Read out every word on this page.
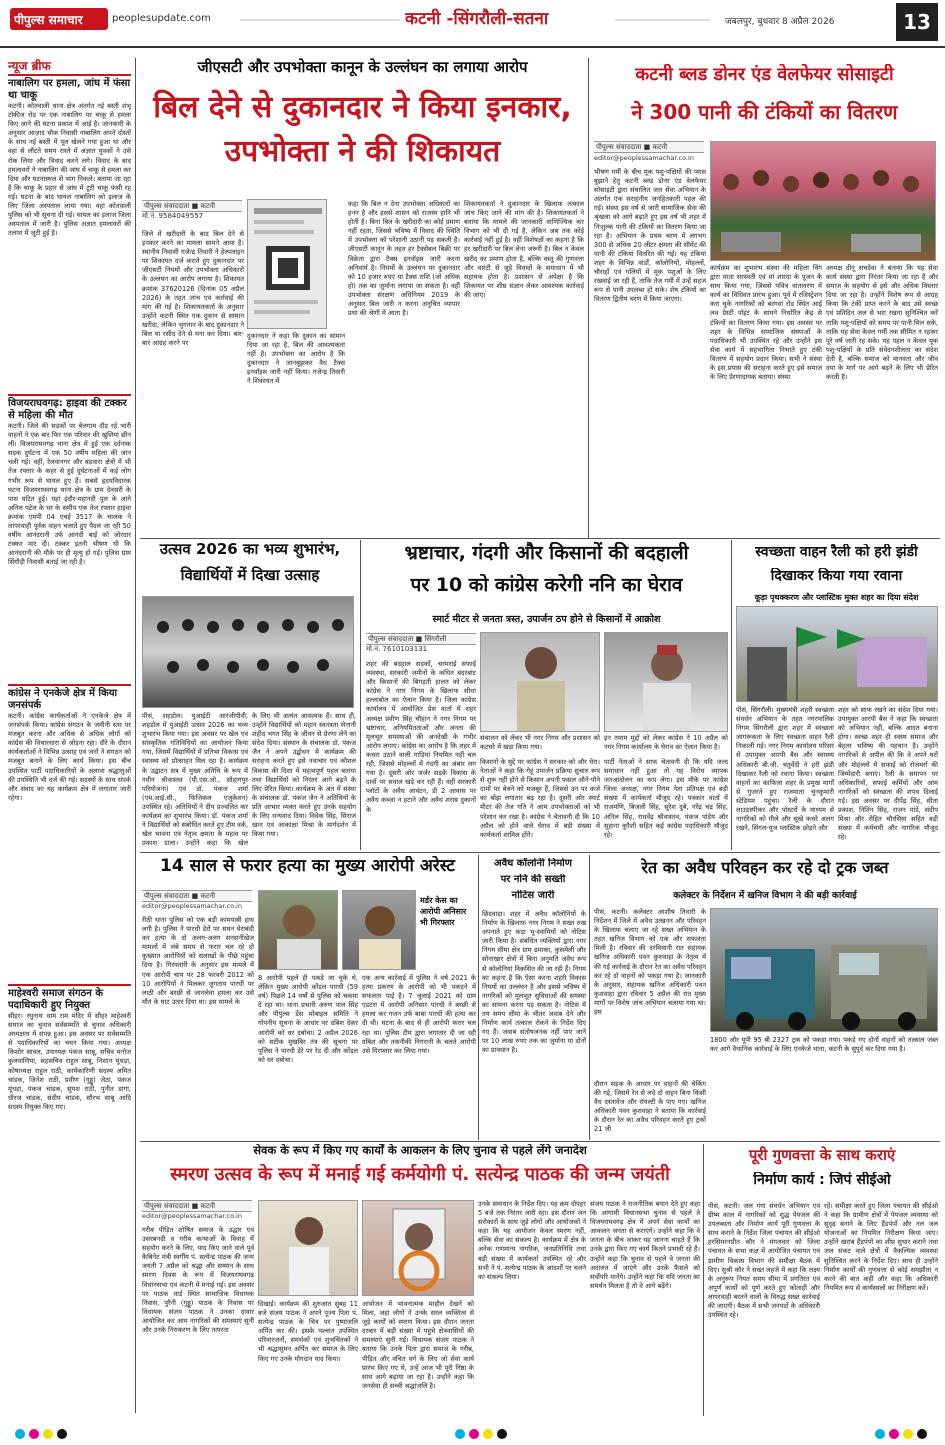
पीपुल्स समाचार	peoplesupdate.com	कटनी -सिंगरौली-सतना	जबलपुर, बुधवार 8 अप्रैल 2026	13
न्यूज ब्रीफ
नाबालिग पर हमला, जांघ में फंसा था चाकू
कटनी। कोतवाली थाना क्षेत्र अंतर्गत नई बस्ती शंभू टॉकीज रोड पर एक नाबालिग पर चाकू से हमला किए जाने की घटना प्रकाश में आई है। जानकारी के अनुसार आज़ाद चौक निवासी नाबालिग अपने दोस्तों के साथ नई बस्ती में पूल खेलने गया हुआ था और वहां से लौटते समय रास्ते में अज्ञात युवकों ने उसे रोक लिया और विवाद करने लगे। विवाद के बाद हमलावरों ने नाबालिग की जांघ में चाकू से हमला कर दिया और घटनास्थल से भाग निकले। बताया जा रहा है कि चाकू के प्रहार से जांघ में टूटी चाकू फंसी रह गई। घटना के बाद घायल नाबालिग को इलाज के लिए जिला अस्पताल लाया गया। वहां कोतवाली पुलिस को भी सूचना दी गई। घायल का इलाज जिला अस्पताल में जारी है। पुलिस अज्ञात हमलावरों की तलाश में जुटी हुई है।
विजयराघवगढ़: हाइवा की टक्कर से महिला की मौत
कटनी। जिले की सड़कों पर बेलगाम दौड़ रहे भारी वाहनों ने एक बार फिर एक परिवार की खुशियां छीन लीं। विजयराघवगढ़ थाना क्षेत्र में हुई एक दर्दनाक सड़क दुर्घटना में एक 50 वर्षीय महिला की जान चली गई। वहीं, रेलवानगर और बड़वारा क्षेत्रों में भी तेज रफ्तार के कहर से हुई दुर्घटनाओं में कई लोग गंभीर रूप से घायल हुए हैं। सबसे हृदयविदारक घटना विजयराघवगढ़ थाना क्षेत्र के ग्राम देवसरी के पास घटित हुई। यहां इंदौर-महानदी पुल के आगे अनिल पटेल के घर के समीप एक तेज रफ्तार हाइवा क्रमांक एमपी 04 एचई 3517 के चालक ने लापरवाही पूर्वक वाहन चलाते हुए पैदल जा रही 50 वर्षीय आनंदरानी उर्फ आनंदी बाई को जोरदार टक्कर मार दी। टक्कर इतनी भीषण थी कि आनंदरानी की मौके पर ही मृत्यु हो गई। पुलिस ग्राम सिंगौड़ी निवासी बताई जा रही है।
कांग्रेस ने एनकेजे क्षेत्र में किया जनसंपर्क
कटनी। कांग्रेस कार्यकर्ताओं ने एनकेजे क्षेत्र में जनसंपर्क किया। कांग्रेस संगठन के जमीनी स्तर पर मजबूत करना और अधिक से अधिक लोगों को कांग्रेस की विचारधारा से जोड़ना रहा। दौरे के दौरान कार्यकर्ताओं ने विभिन्न उत्साह एवं जनों ने संगठन को मजबूत बनाने के लिए कार्य किया। इस बीच उपस्थित पार्टी पदाधिकारियों के अलावा श्रद्धालुओं की उपस्थिति भी दर्ज की गई। सदस्यों के साथ संपर्क और संवाद का यह कार्यक्रम क्षेत्र में लगातार जारी रहेगा।
माहेश्वरी समाज संगठन के पदाधिकारी हुए नियुक्त
सीहर। रघुनाथ धाम राम मंदिर में सीहर माहेश्वरी समाज का चुनाव सर्वसम्मति से चुनाव अधिकारी अध्यक्षता में संपन्न हुआ। इस अवसर पर सर्वसम्मति से पदाधिकारियों का चयन किया गया। अध्यक्ष किशोर सावल, उपाध्यक्ष पंकज साबू, सचिव मनोज कुलवाणिया, सहसचिव राहुल साबू, निशान मूंधड़ा, कोषाध्यक्ष राहुल राठी, कार्यकारिणी सदस्य अमित चांडक, जिनेश राठी, प्रवीण (गुड्डू) जेठा, पंकज मूंधड़ा, पंकज चांडक, सुयश राठी, पुनीत डागा, धीरज चांडक, संदीप चांडक, सौरभ साबू आदि सदस्य नियुक्त किए गए।
जीएसटी और उपभोक्ता कानून के उल्लंघन का लगाया आरोप
बिल देने से दुकानदार ने किया इनकार, उपभोक्ता ने की शिकायत
पीपुल्स संवाददाता ■ कटनी
मो.नं. 9584049557
जिले में खरीदारी के बाद बिल देने से इनकार करने का मामला सामने आया है। स्थानीय निवासी गजेन्द्र तिवारी ने हेल्पलाइन पर शिकायत दर्ज कराते हुए दुकानदार पर जीएसटी नियमों और उपभोक्ता अधिकारों के उल्लंघन का आरोप लगाया है। शिकायत क्रमांक 37620126 (दिनांक 05 अप्रैल 2026) के तहत जांच एवं कार्रवाई की मांग की गई है। शिकायतकर्ता के अनुसार उन्होंने कटनी स्थित एक दुकान से सामान खरीदा, लेकिन भुगतान के बाद दुकानदार ने बिल या रसीद देने से मना कर दिया। बार-बार आग्रह करने पर
दुकानदार ने कहा कि दुकान का सामान दिया जा रहा है, बिल की आवश्यकता नहीं है। उपभोक्ता का आरोप है कि दुकानदार ने जानबूझकर वैध टैक्स इनवॉइस जारी नहीं किया। गजेन्द्र तिवारी ने शिकायत में
कहा कि बिल न देना उपभोक्ता अधिकारों का हनन है और इससे शासन को राजस्व हानि भी होती है। बिना बिल के खरीदारी का कोई प्रमाण नहीं रहता, जिससे भविष्य में विवाद की स्थिति में उपभोक्ता को परेशानी उठानी पड़ सकती है। जीएसटी कानून के तहत हर टैक्सेबल बिक्री पर विक्रेता द्वारा टैक्स इनवॉइस जारी करना अनिवार्य है। नियमों के उल्लंघन पर दुकानदार को 10 हजार रुपए या टैक्स राशि (जो अधिक हो) तक का जुर्माना लगाया जा सकता है। वहीं उपभोक्ता संरक्षण अधिनियम 2019 के अनुसार बिल जारी न करना अनुचित व्यापार प्रथा की श्रेणी में आता है।
शिकायतकर्ता ने दुकानदार के खिलाफ तत्काल जांच किए जाने की मांग की है। शिकायतकर्ता ने बताया कि मामले की जानकारी वाणिज्यिक कर विभाग को भी दी गई है, लेकिन अब तक कोई कार्रवाई नहीं हुई है। वहीं विशेषज्ञों का कहना है कि हर खरीदारी पर बिल लेना जरूरी है। बिल न केवल खरीद का प्रमाण होता है, बल्कि वस्तु की गुणवत्ता और वारंटी से जुड़े विवादों के समाधान में भी सहायक होता है। प्रशासन से अपेक्षा है कि शिकायत पर शीघ्र संज्ञान लेकर आवश्यक कार्रवाई की जाए।
कटनी ब्लड डोनर एंड वेलफेयर सोसाइटी
ने 300 पानी की टंकियों का वितरण
पीपुल्स संवाददाता ■ कटनी
editor@peoplessamachar.co.in
भीषण गर्मी के बीच मूक पशु-पक्षियों की प्यास बुझाने हेतु कटनी ब्लड डोनर एंड वेलफेयर सोसाइटी द्वारा संचालित जल सेवा अभियान के अंतर्गत एक सराहनीय जनहितकारी पहल की गई। संस्था इस वर्ष से जारी सामाजिक सेवा की श्रृंखला को आगे बढ़ाते हुए इस वर्ष भी शहर में निःशुल्क पानी की टंकियों का वितरण किया जा रहा है। अभियान के प्रथम चरण में लगभग 300 से अधिक 20 लीटर क्षमता की सीमेंट की पानी की टंकियां वितरित की गईं। यह टंकियां शहर के विभिन्न वार्डों, कॉलोनियों, मोहल्लों, चौराहों एवं गलियों में मूक पशुओं के लिए रखवाई जा रही हैं, ताकि तेज गर्मी में उन्हें सहज रूप से पानी उपलब्ध हो सके। शेष टंकियों का वितरण द्वितीय चरण में किया जाएगा।
कार्यक्रम का शुभारंभ संस्था की महिला विंग द्वारा माता सरस्वती एवं मां शारदा के पूजन के साथ किया गया, जिससे पवित्र वातावरण में कार्य का विधिवत प्रारंभ हुआ। पूर्व में रजिस्ट्रेशन करा चुके नागरिकों को बरगवां रोड स्थित आई लव ग्रेस्टी पॉइंट के सामने निर्धारित केंद्र से टंकियों का वितरण किया गया। इस अवसर पर शहर के विभिन्न सामाजिक संस्थाओं के पदाधिकारी भी उपस्थित रहे और उन्होंने इस सेवा कार्य में सहभागिता निभाते हुए टंकी वितरण में सहयोग प्रदान किया। सभी ने संस्था के इस प्रयास की सराहना करते हुए इसे समाज के लिए प्रेरणादायक बताया। संस्था
अध्यक्ष दीनू सचदेवा ने बताया कि यह सेवा कार्य संस्था द्वारा निरंतर किया जा रहा है और समाज के सहयोग से इसे और अधिक विस्तार दिया जा रहा है। उन्होंने विशेष रूप से आग्रह किया कि टंकी प्राप्त करने के बाद उसे स्वच्छ एवं प्रतिदिन जल से भरा रखना सुनिश्चित करें ताकि पशु-पक्षियों को समय पर पानी मिल सके, ताकि यह सेवा केवल गर्मी तक सीमित न रहकर पूरे वर्ष जारी रह सके। यह पहल न केवल मूक पशु-पक्षियों के प्रति संवेदनशीलता का संदेश देती है, बल्कि समाज को मानवता और जीव दया के मार्ग पर आगे बढ़ने के लिए भी प्रेरित करती है।
उत्सव 2026 का भव्य शुभारंभ,
विद्यार्थियों में दिखा उत्साह
पीसं, शहडोल। युआईटी आरजीपीवी, शहडोल में युआईटी उत्सव 2026 का भव्य शुभारंभ किया गया। इस अवसर पर खेल एवं सांस्कृतिक गतिविधियों का आयोजन किया गया, जिसमें विद्यार्थियों में प्रतिभा विकास एवं स्वास्थ्य को प्रोत्साहन मिल रहा है। कार्यक्रम के उद्घाटन सत्र में मुख्य अतिथि के रूप में नवीन श्रीवास्तव (पी.एस.ओ., सोहागपुर परियोजना) एवं डॉ. पंकज शर्मा (एम.आई.सी., फिजिकल एजुकेशन) उपस्थित रहे। अतिथियों ने दीप प्रज्वलित कर कार्यक्रम का शुभारंभ किया। डॉ. पंकज शर्मा ने विद्यार्थियों को संबोधित करते हुए टीम वर्क, खेल भावना एवं नेतृत्व क्षमता के महत्व पर प्रकाश डाला। उन्होंने कहा कि खेल
के लिए भी अत्यंत आवश्यक हैं। साथ ही, उन्होंने विद्यार्थियों को महान स्वतंत्रता सेनानी शहीद भगत सिंह के जीवन से प्रेरणा लेने का संदेश दिया। संस्थान के संचालक डॉ. पंकज जैन ने अपने उद्बोधन में कार्यक्रम की सराहना करते हुए इसे नवाचार एवं कौशल विकास की दिशा में महत्वपूर्ण पहल बताया तथा विद्यार्थियों को निरंतर आगे बढ़ने के लिए प्रेरित किया। कार्यक्रम के अंत में संस्था के संचालक डॉ. पंकज जैन ने अतिथियों के प्रति आभार व्यक्त करते हुए उनके सहयोग के लिए धन्यवाद दिया। विवेक सिंह, सिराज खान एवं आकांक्षा मिश्रा के मार्गदर्शन में किया गया।
भ्रष्टाचार, गंदगी और किसानों की बदहाली
पर 10 को कांग्रेस करेगी ननि का घेराव
स्मार्ट मीटर से जनता त्रस्त, उपार्जन ठप होने से किसानों में आक्रोश
पीपुल्स संवाददाता ■ सिंगरौली
मो.नं. 7610103131
शहर की बदहाल सड़कों, चरमराई सफाई व्यवस्था, सरकारी जमीनों के कथित बंदरबांट और किसानों की बिगड़ती हालत को लेकर कांग्रेस ने नगर निगम के खिलाफ सीधा हल्लाबोल का ऐलान किया है। जिला कांग्रेस कार्यालय में आयोजित प्रेस वार्ता में शहर अध्यक्ष प्रवीण सिंह चौहान ने नगर निगम पर भ्रष्टाचार, अनियमितताओं और जनता की मूलभूत समस्याओं की अनदेखी के गंभीर आरोप लगाए। कांग्रेस का आरोप है कि शहर में कचरा उठाने वाली गाड़ियां नियमित नहीं चल रही, जिससे मोहल्लों में गंदगी का अंबार लग गया है। दूसरी ओर जर्जर सड़कें विकास के दावों पर सवाल खड़े कर रही हैं। वहीं सरकारी प्लॉटों के अवैध आवंटन, डी 2 आवास पर अवैध कब्जा न हटाने और अवैध शराब दुकानों के
संचालन को लेकर भी नगर निगम और प्रशासन को कटघरे में खड़ा किया गया।
किसानों के मुद्दे पर कांग्रेस ने सरकार को और घेरा। नेताओं ने कहा कि गेहूं उपार्जन प्रक्रिया सुचारु रूप से शुरू नहीं होने से किसान अपनी फसल औने-पौने दामों पर बेचने को मजबूर हैं, जिससे उन पर कर्ज का बोझ लगातार बढ़ रहा है। दूसरी ओर स्मार्ट मीटर की तेज गति ने आम उपभोक्ताओं को भी परेशान कर रखा है। कांग्रेस ने चेतावनी दी कि 10 अप्रैल को होने वाले घेराव में बड़ी संख्या में कार्यकर्ता शामिल होंगे।
इन तमाम मुद्दों को लेकर कांग्रेस ने 10 अप्रैल को नगर निगम कार्यालय के घेराव का ऐलान किया है।
पार्टी नेताओं ने साफ चेतावनी दी कि यदि जल्द समाधान नहीं हुआ तो यह विरोध व्यापक जनआंदोलन का रूप लेगा। इस मौके पर कांग्रेस जिला अध्यक्ष, नगर निगम नेता प्रतिपक्ष एवं बड़ी संख्या में कार्यकर्ता मौजूद रहे। पत्रकार वार्ता में राजमणि, बिजली सिंह, सुरेश दुबे, नरेंद्र चंद्र सिंह, अनिल सिंह, राधवेंद्र श्रीवास्तव, पंकज पांडेय और सुहाना कुरैशी सहित कई कांग्रेस पदाधिकारी मौजूद रहे।
स्वच्छता वाहन रैली को हरी झंडी
दिखाकर किया गया रवाना
कूड़ा पृथक्करण और प्लास्टिक मुक्त शहर का दिया संदेश
पीसं, सिंगरौली। मुख्यमंत्री शहरी स्वच्छता संवर्धन अभियान के तहत नगरपालिक निगम सिंगरौली द्वारा शहर में स्वच्छता जागरूकता के लिए स्वच्छता वाहन रैली निकाली गई। नगर निगम कार्यालय परिसर से उपायुक्त आरपी बैस और स्वास्थ्य अधिकारी बी.जी. चतुर्वेदी ने हरी झंडी दिखाकर रैली को रवाना किया। स्वच्छता वाहनों का काफिला शहर के प्रमुख मार्गों से गुजरते हुए राजमाता चुनकुमारी स्टेडियम पहुंचा। रैली के दौरान लाउडस्पीकर और पोस्टरों के माध्यम से नागरिकों को गीले और सूखे कचरे अलग रखने, सिंगल-यूज प्लास्टिक छोड़ने और
शहर को साफ रखने का संदेश दिया गया। उपायुक्त आरपी बैस ने कहा कि स्वच्छता को अभियान नहीं, बल्कि आदत बनाना होगा। स्वच्छ शहर ही स्वस्थ समाज और बेहतर भविष्य की पहचान है। उन्होंने नागरिकों से अपील की कि वे अपने घरों और मोहल्लों में सफाई को रोजमर्रा की जिम्मेदारी बनाएं। रैली के समापन पर अधिकारियों, सफाई कर्मियों और आम नागरिकों को स्वच्छता की शपथ दिलाई गई। इस अवसर पर दीपेंद्र सिंह, सीता प्रकाश, नितिन सिंह, राजन पांडे, संदीप मिश्रा और रोहित चौरसिया सहित बड़ी संख्या में कर्मचारी और नागरिक मौजूद रहे।
14 साल से फरार हत्या का मुख्य आरोपी अरेस्ट
पीपुल्स संवाददाता ■ कटनी
editor@peoplessamachar.co.in
मर्डर केस का आरोपी अनिसार भी गिरफ्तार
रीठी थाना पुलिस को एक बड़ी कामयाबी हाथ लगी है। पुलिस ने पारधी डेरों पर सघन घेराबंदी कर हत्या के दो अलग-अलग सनसनीखेज मामलों में लंबे समय से फरार चल रहे दो कुख्यात आरोपियों को सलाखों के पीछे पहुंचा दिया है। गिरफ्तारी के अनुसार इस मामले में एक आरोपी चाय पर 28 फरवरी 2012 को 10 आरोपियों ने मिलकर जुगताय पारधी पर लाठी और बरछी से जानलेवा हमला कर उसे मौत के घाट उतार दिया था। इस मामले के
8 आरोपी पहले ही पकड़े जा चुके थे, लेकिन मुख्य आरोपी कोंडल पारधी (59 वर्ष) पिछले 14 वर्षों से पुलिस को चकमा दे रहा था। थाना प्रभारी अरुण पाल सिंह और पीपुल्स डेंस मोबाइल समिति ने गोपनीय सूचना के आधार पर दबिश देकर आरोपी को धर दबोचा। 2 अप्रैल 2026 को सटीक मुखबिर तंत्र की सूचना पर पुलिस ने पारधी डेरे पर रेड दी और कोंडल को धर दबोचा।
एक अन्य कार्रवाई में पुलिस ने वर्ष 2021 के हत्या प्रकरण के आरोपी को भी पकड़ने में सफलता पाई है। 7 जुलाई 2021 को ग्राम एडटरा में आरोपी अनिसार पारधी ने बरछी से हमला कर गजन उर्फ बाबा पारधी की हत्या कर दी थी। घटना के बाद से ही आरोपी फरार चल रहा था। पुलिस टीम द्वारा लगातार दी जा रही दबिश और तकनीकी निगरानी के चलते आरोपी उसे गिरफ्तार कर लिया गया।
अवैध कॉलोनी निर्माण
पर ननि की सख्ती
नोटिस जारी
छिंदवाड़ा। शहर में अवैध कॉलोनियों के निर्माण के खिलाफ नगर निगम ने सख्त रुख अपनाते हुए कड़ा भू-स्वामियों को नोटिस जारी किया है। संबंधित व्यक्तियों द्वारा नगर निगम सीमा क्षेत्र ग्राम ढमाका, कुसमेली और सोनाखार क्षेत्रों में बिना अनुमति अवैध रूप से कॉलोनियां विकसित की जा रही हैं। निगम का कहना है कि ऐसा करना शहरी विकास नियमों का उल्लंघन है और इससे भविष्य में नागरिकों को मूलभूत सुविधाओं की समस्या का सामना करना पड़ सकता है। नोटिस में तय समय सीमा के भीतर जवाब देने और निर्माण कार्य तत्काल रोकने के निर्देश दिए गए हैं। जवाब संतोषजनक नहीं पाए जाने पर 10 लाख रुपए तक का जुर्माना या दोनों का प्रावधान है।
रेत का अवैध परिवहन कर रहे दो ट्रक जब्त
कलेक्टर के निर्देशन में खनिज विभाग ने की बड़ी कार्रवाई
पीसं, कटनी। कलेक्टर आशीष तिवारी के निर्देशन में जिले में अवैध उत्खनन और परिवहन के खिलाफ चलाए जा रहे सख्त अभियान के तहत खनिज विभाग को एक और सफलता मिली है। रविवार की दरमियानी रात सहायक खनिज अधिकारी पवन कुशवाहा के नेतृत्व में की गई कार्रवाई के दौरान रेत का अवैध परिवहन कर रहे दो वाहनों को पकड़ा गया है। जानकारी के अनुसार, सहायक खनिज अधिकारी पवन कुशवाहा द्वारा रविवार 5 अप्रैल की रात मुख्य मार्गों पर विशेष जांच अभियान चलाया गया था। इस
दौरान सड़क के आधार पर वाहनों की चेकिंग की गई, जिसमें रेत से लदे दो वाहन बिना किसी वैध दस्तावेज और रॉयल्टी के पाए गए। खनिज अधिकारी पवन कुशवाहा ने बताया कि कार्रवाई के दौरान रेत का अवैध परिवहन करते हुए ट्रकों 21 जी
1800 और यूपी 95 बी 2327 ट्रक को पकड़ा गया। पकड़े गए दोनों वाहनों को तत्काल जब्त कर आगे वैधानिक कार्रवाई के लिए एनकेजे थाना, कटनी के सुपुर्द कर दिया गया है।
सेवक के रूप में किए गए कार्यों के आकलन के लिए चुनाव से पहले लेंगे जनादेश
स्मरण उत्सव के रूप में मनाई गई कर्मयोगी पं. सत्येन्द्र पाठक की जन्म जयंती
पीपुल्स संवाददाता ■ कटनी
editor@peoplessamachar.co.in
गरीब पीड़ित शोषित समाज के उद्धार एवं उसरबनदी व गरीब कन्याओं के विवाह में सहयोग करने के लिए, याद किए जाने वाले पूर्व कैबिनेट मंत्री स्वर्गीय पं. सत्येन्द्र पाठक की जन्म जयंती 7 अप्रैल को श्रद्धा और सम्मान के साथ स्मरण दिवस के रूप में विजयराघवगढ़ विधानसभा एवं कटनी में मनाई गई। इस अवसर पर पाठक वार्ड स्थित सामाजिक विधायक निवास, पुरैनी (गुड्डू) पाठक के निवास पर विधायक संजय पाठक ने उनका दावार आयोजित कर आम नागरिकों की समस्याएं सुनीं और उनके निराकरण के लिए तत्परता
दिखाई। कार्यक्रम की शुरुआत सुबह 11 बजे संजय पाठक ने अपने पूज्य पिता पं. सत्येन्द्र पाठक के चित्र पर पुष्पांजलि अर्पित कर की। इसके पश्चात उपस्थित परिवारजनों, समर्थकों एवं शुभचिंतकों ने भी श्रद्धासुमन अर्पित कर समाज के लिए किए गए उनके योगदान याद किया।
आयोजन में भावनात्मक माहौल देखने को मिला, जहां लोगों ने उनके सरल व्यक्तित्व से जुड़े कार्यों को स्मरण किया। इस दौरान जनता दरबार में बड़ी संख्या में पहुंचे क्षेत्रवासियों की समस्याएं सुनी गईं। विधायक संजय पाठक ने बताया कि उनके पिता द्वारा समाज के गरीब, पीड़ित और वंचित वर्ग के लिए जो सेवा कार्य प्रारंभ किए गए थे, उन्हें आज भी पूरी निष्ठा के साथ आगे बढ़ाया जा रहा है। उन्होंने कहा कि जनसेवा ही सच्ची श्रद्धांजलि है।
उनके समाधान के निर्देश दिए। यह क्रम दोपहर 5 बजे तक निरंतर जारी रहा। इस दौरान जन सरोकारों के साथ जुड़े लोगों और आयोजकों ने कहा कि यह आयोजन केवल स्मरण नहीं, बल्कि सेवा का संकल्प है। कार्यक्रम में क्षेत्र के अनेक गणमान्य नागरिक, जनप्रतिनिधि तथा बड़ी संख्या में कार्यकर्ता उपस्थित रहे और सभी ने पं. सत्येन्द्र पाठक के आदर्शों पर चलने का संकल्प लिया।
संजय पाठक ने राजनीतिक बयान देते हुए कहा कि आगामी विधानसभा चुनाव से पहले वे विजयराघवगढ़ क्षेत्र में अपने सेवा कार्यों का आकलन जनता से कराएंगे। उन्होंने कहा कि वे जनता के बीच जाकर यह जानना चाहते हैं कि उनके द्वारा किए गए कार्य कितने प्रभावी रहे हैं। उन्होंने कहा कि चुनाव से पहले वे जनता की अदालत में जाएंगे और उनके फैसले को सर्वोपरि मानेंगे। उन्होंने कहा कि यदि जनता का समर्थन मिलता है तो वे आगे बढ़ेंगे।
पूरी गुणवत्ता के साथ कराएं
निर्माण कार्य : जिपं सीईओ
पीसं, कटनी। जल गंगा संवर्धन अभियान एवं ग्रीष्म काल में नागरिकों को शुद्ध पेयजल की उपलब्धता और निर्माण कार्य पूरी गुणवत्ता के साथ कराने के निर्देश जिला पंचायत की सीईओ हरसिमरनप्रीत कौर ने मंगलवार को जिला पंचायत के सभा कक्ष में आयोजित पंचायत एवं ग्रामीण विकास विभाग की समीक्षा बैठक में दिए। सुश्री कौर ने सख्त लहजे में कहा कि लक्ष्य के अनुरूप नियत समय सीमा में प्रगतिरत एवं अपूर्ण कार्यों को पूर्ण करते हुए कोताही और लापरवाही बरतने वालों के विरुद्ध सख्त कार्रवाई की जाएगी। बैठक में सभी जनपदों के अधिकारी उपस्थित रहे।
रहें। समीक्षा करते हुए जिला पंचायत की सीईओ ने कहा कि ग्रामीण क्षेत्रों में पेयजल व्यवस्था को सुदृढ़ बनाने के लिए हैंडपंपों और नल जल योजनाओं का नियमित निरीक्षण किया जाए। उन्होंने खराब हैंडपंपों का शीघ्र सुधार कराने तथा जल संकट वाले क्षेत्रों में वैकल्पिक व्यवस्था सुनिश्चित करने के निर्देश दिए। साथ ही उन्होंने निर्माण कार्यों की गुणवत्ता से कोई समझौता न करने की बात कही और कहा कि अधिकारी नियमित रूप से कार्यस्थलों का निरीक्षण करें।
